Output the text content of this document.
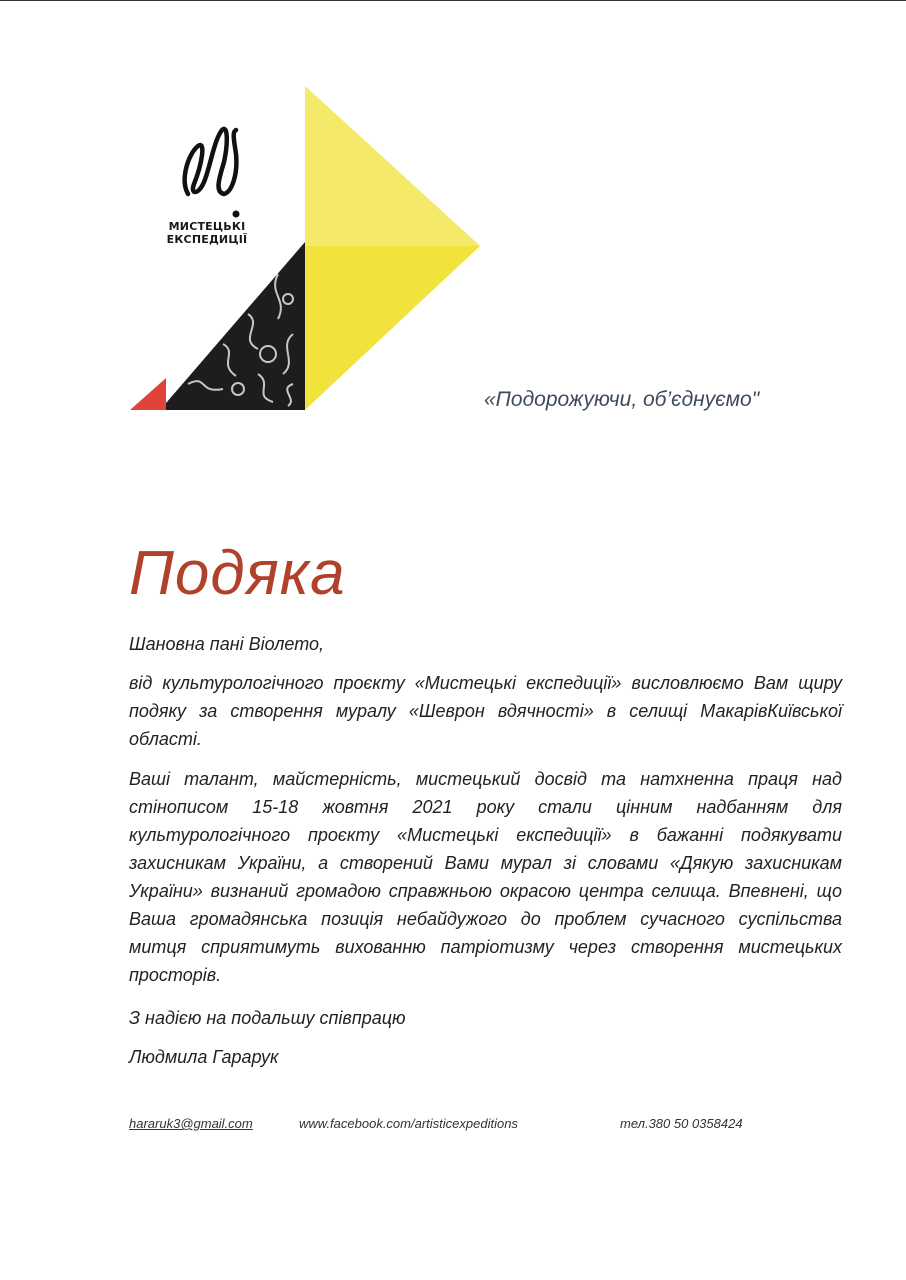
МИСТЕЦЬКІ ЕКСПЕДИЦІЇ
«Подорожуючи, об’єднуємо"
Подяка
Шановна пані Віолето,
від культурологічного проєкту «Мистецькі експедиції» висловлюємо Вам щиру подяку за створення муралу «Шеврон вдячності» в селищі МакарівКиївської області.
Ваші талант, майстерність, мистецький досвід та натхненна праця над стінописом 15-18 жовтня 2021 року стали цінним надбанням для культурологічного проєкту «Мистецькі експедиції» в бажанні подякувати захисникам України, а створений Вами мурал зі словами «Дякую захисникам України» визнаний громадою справжньою окрасою центра селища. Впевнені, що Ваша громадянська позиція небайдужого до проблем сучасного суспільства митця сприятимуть вихованню патріотизму через створення мистецьких просторів.
З надією на подальшу співпрацю
Людмила Гарарук
hararuk3@gmail.com	www.facebook.com/artisticexpeditions	тел.380 50 0358424
